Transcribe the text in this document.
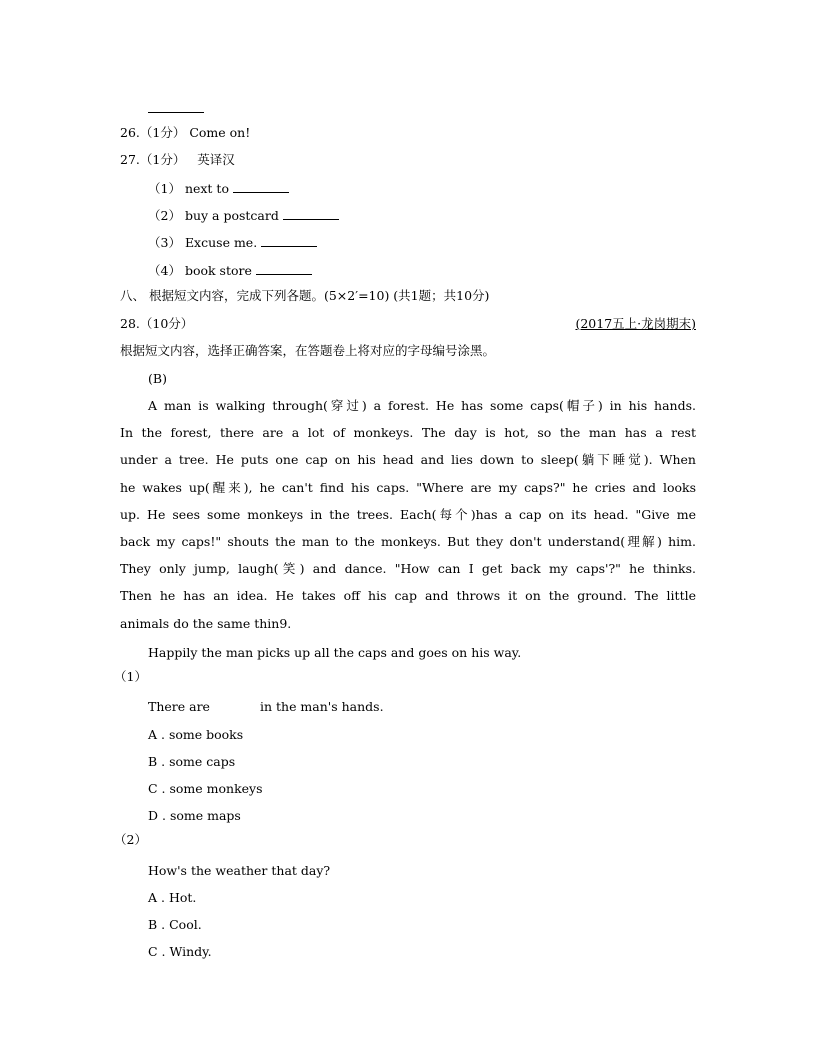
26.（1分） Come on!
27.（1分） 英译汉
（1） next to
（2） buy a postcard
（3） Excuse me.
（4） book store
八、 根据短文内容，完成下列各题。(5×2′=10) (共1题；共10分)
28.（10分）	(2017五上·龙岗期末)
根据短文内容，选择正确答案，在答题卷上将对应的字母编号涂黑。
(B)
A man is walking through(穿过) a forest. He has some caps(帽子) in his hands.
In the forest, there are a lot of monkeys. The day is hot, so the man has a rest
under a tree. He puts one cap on his head and lies down to sleep(躺下睡觉). When
he wakes up(醒来), he can't find his caps. "Where are my caps?" he cries and looks
up. He sees some monkeys in the trees. Each(每个)has a cap on its head. "Give me
back my caps!" shouts the man to the monkeys. But they don't understand(理解) him.
They only jump, laugh(笑) and dance. "How can I get back my caps'?" he thinks.
Then he has an idea. He takes off his cap and throws it on the ground. The little
animals do the same thin9.
Happily the man picks up all the caps and goes on his way.
（1）
There are	in the man's hands.
A . some books
B . some caps
C . some monkeys
D . some maps
（2）
How's the weather that day?
A . Hot.
B . Cool.
C . Windy.
